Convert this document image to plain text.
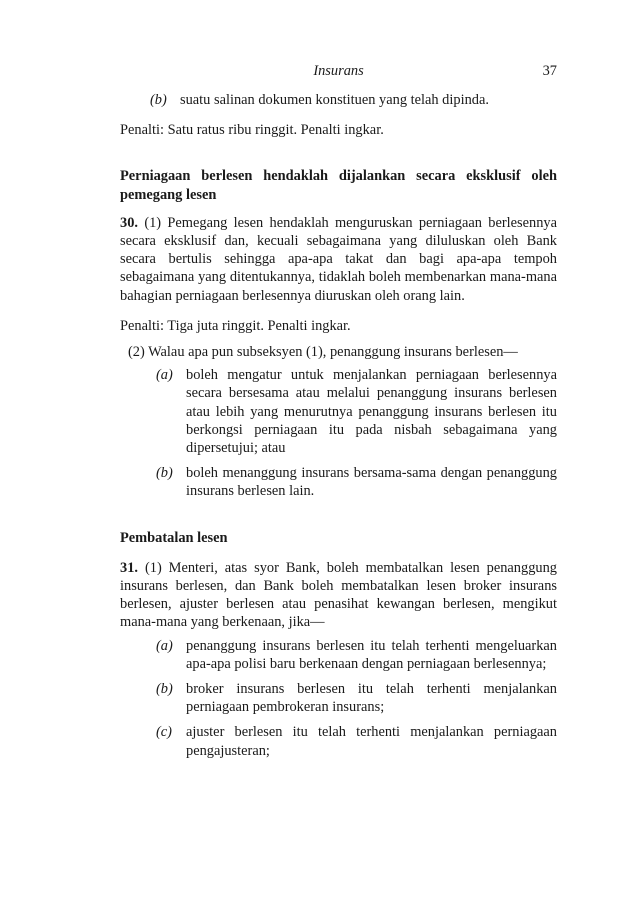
Insurans	37
(b) suatu salinan dokumen konstituen yang telah dipinda.

Penalti: Satu ratus ribu ringgit. Penalti ingkar.

Perniagaan berlesen hendaklah dijalankan secara eksklusif oleh pemegang lesen

30. (1) Pemegang lesen hendaklah menguruskan perniagaan berlesennya secara eksklusif dan, kecuali sebagaimana yang diluluskan oleh Bank secara bertulis sehingga apa-apa takat dan bagi apa-apa tempoh sebagaimana yang ditentukannya, tidaklah boleh membenarkan mana-mana bahagian perniagaan berlesennya diuruskan oleh orang lain.

Penalti: Tiga juta ringgit. Penalti ingkar.

(2) Walau apa pun subseksyen (1), penanggung insurans berlesen—

(a) boleh mengatur untuk menjalankan perniagaan berlesennya secara bersesama atau melalui penanggung insurans berlesen atau lebih yang menurutnya penanggung insurans berlesen itu berkongsi perniagaan itu pada nisbah sebagaimana yang dipersetujui; atau
(b) boleh menanggung insurans bersama-sama dengan penanggung insurans berlesen lain.

Pembatalan lesen

31. (1) Menteri, atas syor Bank, boleh membatalkan lesen penanggung insurans berlesen, dan Bank boleh membatalkan lesen broker insurans berlesen, ajuster berlesen atau penasihat kewangan berlesen, mengikut mana-mana yang berkenaan, jika—

(a) penanggung insurans berlesen itu telah terhenti mengeluarkan apa-apa polisi baru berkenaan dengan perniagaan berlesennya;
(b) broker insurans berlesen itu telah terhenti menjalankan perniagaan pembrokeran insurans;
(c) ajuster berlesen itu telah terhenti menjalankan perniagaan pengajusteran;
